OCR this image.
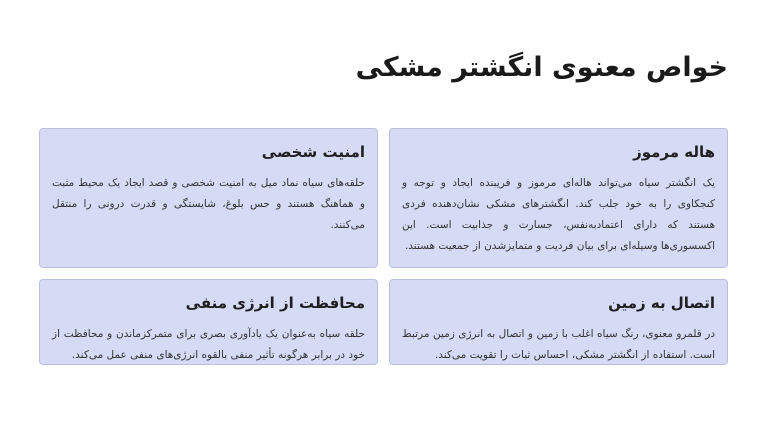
خواص معنوی انگشتر مشکی
هاله مرموز

یک انگشتر سیاه می‌تواند هاله‌ای مرموز و فریبنده ایجاد و توجه و کنجکاوی را به خود جلب کند. انگشترهای مشکی نشان‌دهنده فردی هستند که دارای اعتمادبه‌نفس، جسارت و جذابیت است. این اکسسوری‌ها وسیله‌ای برای بیان فردیت و متمایزشدن از جمعیت هستند.

امنیت شخصی

حلقه‌های سیاه نماد میل به امنیت شخصی و قصد ایجاد یک محیط مثبت و هماهنگ هستند و حس بلوغ، شایستگی و قدرت درونی را منتقل می‌کنند.

اتصال به زمین

در قلمرو معنوی، رنگ سیاه اغلب با زمین و اتصال به انرژی زمین مرتبط است. استفاده از انگشتر مشکی، احساس ثبات را تقویت می‌کند.

محافظت از انرژی منفی

حلقه سیاه به‌عنوان یک یادآوری بصری برای متمرکزماندن و محافظت از خود در برابر هرگونه تأثیر منفی بالقوه انرژی‌های منفی عمل می‌کند.
